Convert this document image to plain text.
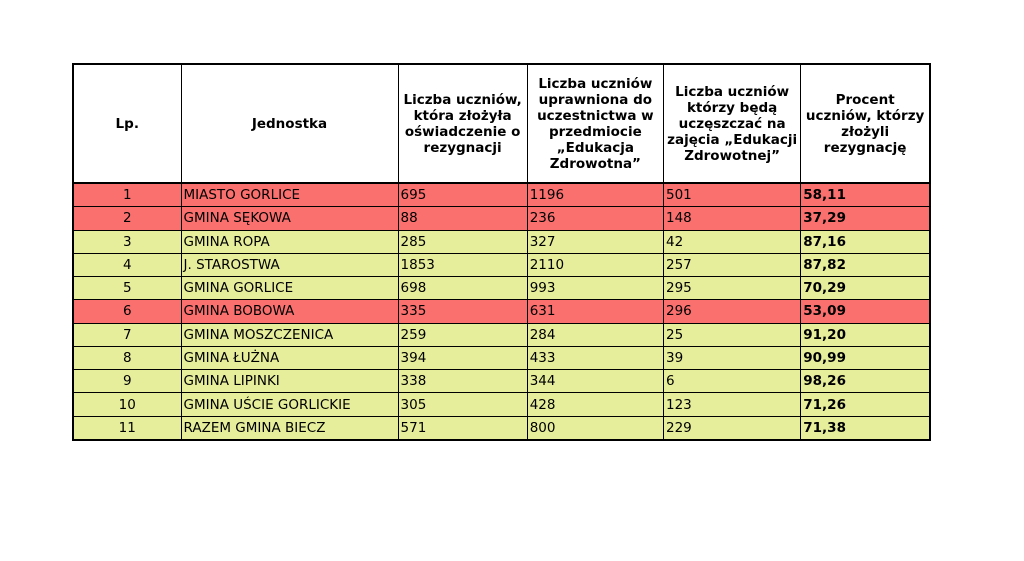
Lp.	Jednostka	Liczba uczniów, która złożyła oświadczenie o rezygnacji	Liczba uczniów uprawniona do uczestnictwa w przedmiocie „Edukacja Zdrowotna”	Liczba uczniów którzy będą uczęszczać na zajęcia „Edukacji Zdrowotnej”	Procent uczniów, którzy złożyli rezygnację
1	MIASTO GORLICE	695	1196	501	58,11
2	GMINA SĘKOWA	88	236	148	37,29
3	GMINA ROPA	285	327	42	87,16
4	J. STAROSTWA	1853	2110	257	87,82
5	GMINA GORLICE	698	993	295	70,29
6	GMINA BOBOWA	335	631	296	53,09
7	GMINA MOSZCZENICA	259	284	25	91,20
8	GMINA ŁUŻNA	394	433	39	90,99
9	GMINA LIPINKI	338	344	6	98,26
10	GMINA UŚCIE GORLICKIE	305	428	123	71,26
11	RAZEM GMINA BIECZ	571	800	229	71,38
